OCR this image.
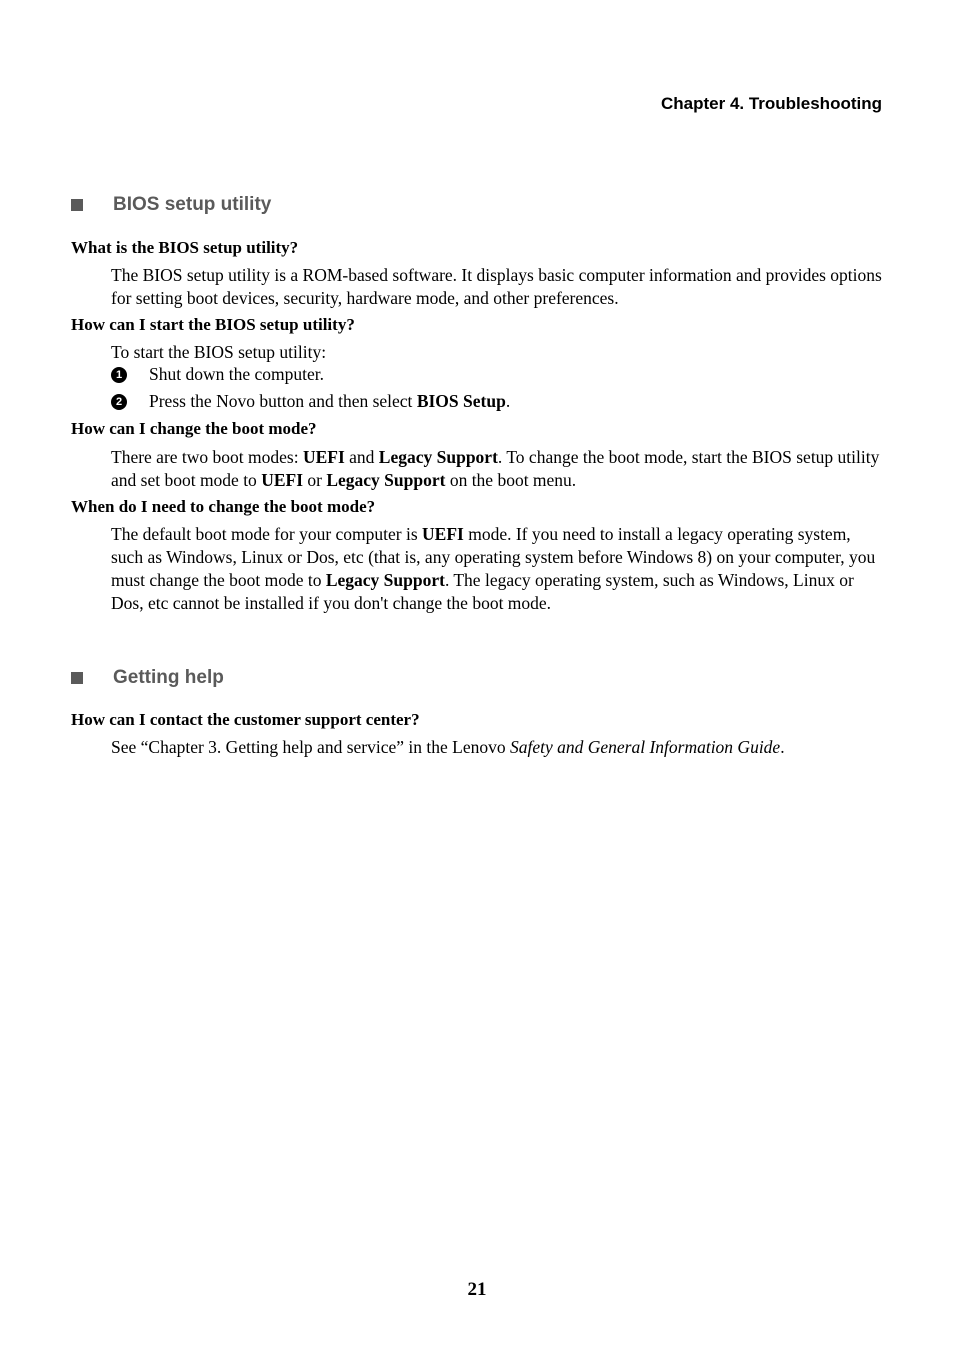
Chapter 4. Troubleshooting
BIOS setup utility
What is the BIOS setup utility?
The BIOS setup utility is a ROM-based software. It displays basic computer information and provides options for setting boot devices, security, hardware mode, and other preferences.
How can I start the BIOS setup utility?
To start the BIOS setup utility:
1 Shut down the computer.
2 Press the Novo button and then select BIOS Setup.
How can I change the boot mode?
There are two boot modes: UEFI and Legacy Support. To change the boot mode, start the BIOS setup utility and set boot mode to UEFI or Legacy Support on the boot menu.
When do I need to change the boot mode?
The default boot mode for your computer is UEFI mode. If you need to install a legacy operating system, such as Windows, Linux or Dos, etc (that is, any operating system before Windows 8) on your computer, you must change the boot mode to Legacy Support. The legacy operating system, such as Windows, Linux or Dos, etc cannot be installed if you don't change the boot mode.
Getting help
How can I contact the customer support center?
See “Chapter 3. Getting help and service” in the Lenovo Safety and General Information Guide.
21
